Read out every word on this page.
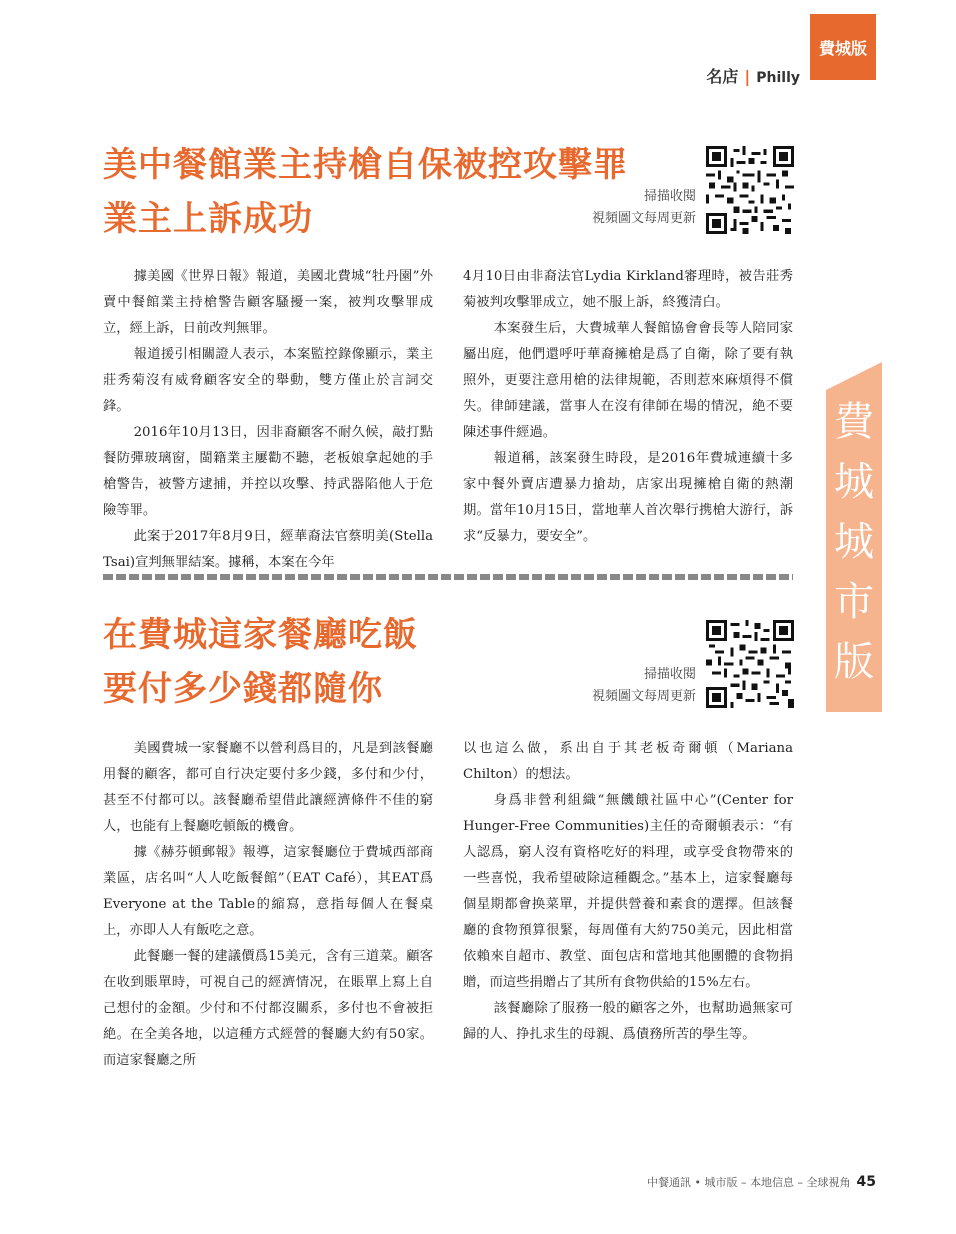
費城版
名店 | Philly
費
城
城
市
版
美中餐館業主持槍自保被控攻擊罪
業主上訴成功
掃描收閱
視頻圖文每周更新

據美國《世界日報》報道，美國北費城“牡丹園”外賣中餐館業主持槍警告顧客騷擾一案，被判攻擊罪成立，經上訴，日前改判無罪。

報道援引相關證人表示，本案監控錄像顯示，業主莊秀菊沒有威脅顧客安全的舉動，雙方僅止於言詞交鋒。

2016年10月13日，因非裔顧客不耐久候，敲打點餐防彈玻璃窗，閩籍業主屢勸不聽，老板娘拿起她的手槍警告，被警方逮捕，并控以攻擊、持武器陷他人于危險等罪。

此案于2017年8月9日，經華裔法官蔡明美(Stella Tsai)宣判無罪結案。據稱，本案在今年

4月10日由非裔法官Lydia Kirkland審理時，被告莊秀菊被判攻擊罪成立，她不服上訴，終獲清白。

本案發生后，大費城華人餐館協會會長等人陪同家屬出庭，他們還呼吁華裔擁槍是爲了自衛，除了要有執照外，更要注意用槍的法律規範，否則惹來麻煩得不償失。律師建議，當事人在沒有律師在場的情況，絶不要陳述事件經過。

報道稱，該案發生時段，是2016年費城連續十多家中餐外賣店遭暴力搶劫，店家出現擁槍自衛的熱潮期。當年10月15日，當地華人首次舉行携槍大游行，訴求“反暴力，要安全”。

在費城這家餐廳吃飯
要付多少錢都隨你	掃描收閱
視頻圖文每周更新

美國費城一家餐廳不以營利爲目的，凡是到該餐廳用餐的顧客，都可自行决定要付多少錢，多付和少付，甚至不付都可以。該餐廳希望借此讓經濟條件不佳的窮人，也能有上餐廳吃頓飯的機會。

據《赫芬頓郵報》報導，這家餐廳位于費城西部商業區，店名叫“人人吃飯餐館”（EAT Café），其EAT爲Everyone at the Table的縮寫，意指每個人在餐桌上，亦即人人有飯吃之意。

此餐廳一餐的建議價爲15美元，含有三道菜。顧客在收到賬單時，可視自己的經濟情况，在賬單上寫上自己想付的金額。少付和不付都沒關系，多付也不會被拒絶。在全美各地，以這種方式經營的餐廳大約有50家。而這家餐廳之所

以也這么做，系出自于其老板奇爾頓（Mariana Chilton）的想法。

身爲非營利組織“無饑餓社區中心”(Center for Hunger-Free Communities)主任的奇爾頓表示：“有人認爲，窮人沒有資格吃好的料理，或享受食物帶來的一些喜悦，我希望破除這種觀念。”基本上，這家餐廳每個星期都會换菜單，并提供營養和素食的選擇。但該餐廳的食物預算很緊，每周僅有大約750美元，因此相當依賴來自超市、教堂、面包店和當地其他團體的食物捐贈，而這些捐贈占了其所有食物供給的15%左右。

該餐廳除了服務一般的顧客之外，也幫助過無家可歸的人、挣扎求生的母親、爲債務所苦的學生等。

中餐通訊 • 城市版 – 本地信息 – 全球視角 45
